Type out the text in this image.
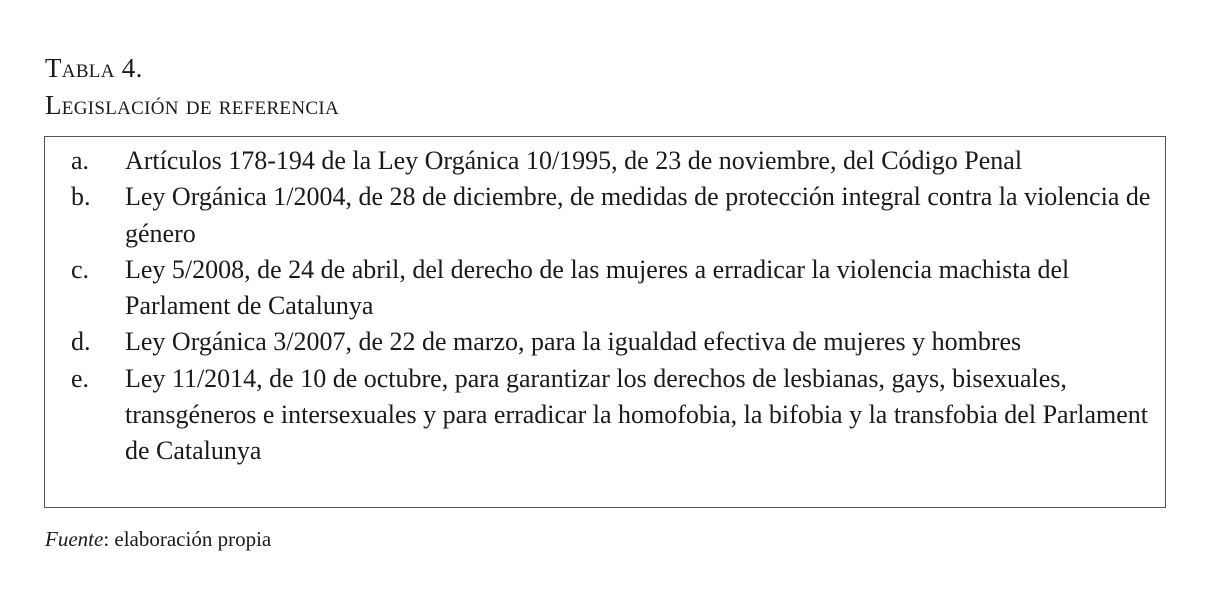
Tabla 4.
Legislación de referencia
a.	Artículos 178-194 de la Ley Orgánica 10/1995, de 23 de noviembre, del Código Penal
b.	Ley Orgánica 1/2004, de 28 de diciembre, de medidas de protección integral contra la violencia de género
c.	Ley 5/2008, de 24 de abril, del derecho de las mujeres a erradicar la violencia machista del Parlament de Catalunya
d.	Ley Orgánica 3/2007, de 22 de marzo, para la igualdad efectiva de mujeres y hombres
e.	Ley 11/2014, de 10 de octubre, para garantizar los derechos de lesbianas, gays, bisexuales, transgéneros e intersexuales y para erradicar la homofobia, la bifobia y la transfobia del Parlament de Catalunya
Fuente: elaboración propia
